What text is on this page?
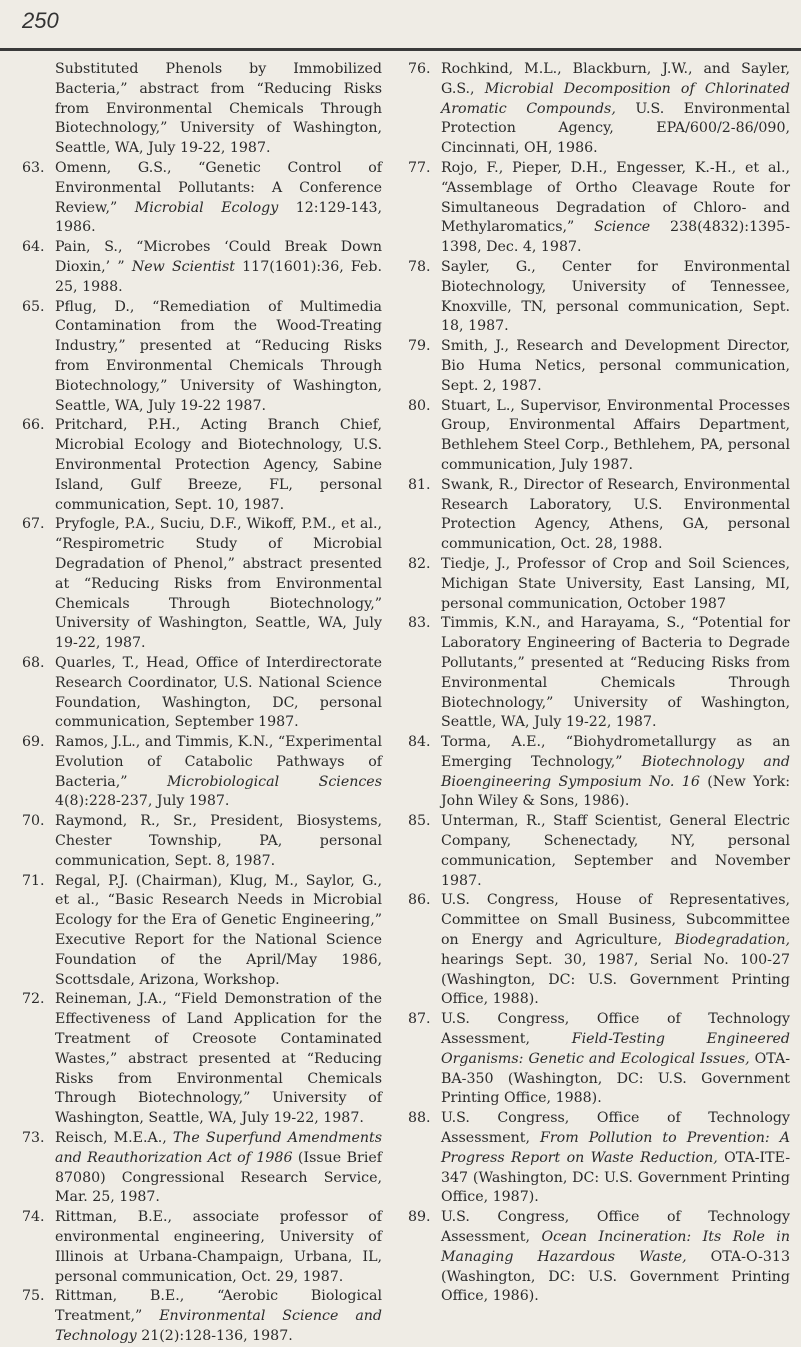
250
Substituted Phenols by Immobilized Bacteria,” abstract from “Reducing Risks from Environmental Chemicals Through Biotechnology,” University of Washington, Seattle, WA, July 19-22, 1987.
63. Omenn, G.S., “Genetic Control of Environmental Pollutants: A Conference Review,” Microbial Ecology 12:129-143, 1986.
64. Pain, S., “Microbes ‘Could Break Down Dioxin,’ ” New Scientist 117(1601):36, Feb. 25, 1988.
65. Pflug, D., “Remediation of Multimedia Contamination from the Wood-Treating Industry,” presented at “Reducing Risks from Environmental Chemicals Through Biotechnology,” University of Washington, Seattle, WA, July 19-22 1987.
66. Pritchard, P.H., Acting Branch Chief, Microbial Ecology and Biotechnology, U.S. Environmental Protection Agency, Sabine Island, Gulf Breeze, FL, personal communication, Sept. 10, 1987.
67. Pryfogle, P.A., Suciu, D.F., Wikoff, P.M., et al., “Respirometric Study of Microbial Degradation of Phenol,” abstract presented at “Reducing Risks from Environmental Chemicals Through Biotechnology,” University of Washington, Seattle, WA, July 19-22, 1987.
68. Quarles, T., Head, Office of Interdirectorate Research Coordinator, U.S. National Science Foundation, Washington, DC, personal communication, September 1987.
69. Ramos, J.L., and Timmis, K.N., “Experimental Evolution of Catabolic Pathways of Bacteria,” Microbiological Sciences 4(8):228-237, July 1987.
70. Raymond, R., Sr., President, Biosystems, Chester Township, PA, personal communication, Sept. 8, 1987.
71. Regal, P.J. (Chairman), Klug, M., Saylor, G., et al., “Basic Research Needs in Microbial Ecology for the Era of Genetic Engineering,” Executive Report for the National Science Foundation of the April/May 1986, Scottsdale, Arizona, Workshop.
72. Reineman, J.A., “Field Demonstration of the Effectiveness of Land Application for the Treatment of Creosote Contaminated Wastes,” abstract presented at “Reducing Risks from Environmental Chemicals Through Biotechnology,” University of Washington, Seattle, WA, July 19-22, 1987.
73. Reisch, M.E.A., The Superfund Amendments and Reauthorization Act of 1986 (Issue Brief 87080) Congressional Research Service, Mar. 25, 1987.
74. Rittman, B.E., associate professor of environmental engineering, University of Illinois at Urbana-Champaign, Urbana, IL, personal communication, Oct. 29, 1987.
75. Rittman, B.E., “Aerobic Biological Treatment,” Environmental Science and Technology 21(2):128-136, 1987.
76. Rochkind, M.L., Blackburn, J.W., and Sayler, G.S., Microbial Decomposition of Chlorinated Aromatic Compounds, U.S. Environmental Protection Agency, EPA/600/2-86/090, Cincinnati, OH, 1986.
77. Rojo, F., Pieper, D.H., Engesser, K.-H., et al., “Assemblage of Ortho Cleavage Route for Simultaneous Degradation of Chloro- and Methylaromatics,” Science 238(4832):1395-1398, Dec. 4, 1987.
78. Sayler, G., Center for Environmental Biotechnology, University of Tennessee, Knoxville, TN, personal communication, Sept. 18, 1987.
79. Smith, J., Research and Development Director, Bio Huma Netics, personal communication, Sept. 2, 1987.
80. Stuart, L., Supervisor, Environmental Processes Group, Environmental Affairs Department, Bethlehem Steel Corp., Bethlehem, PA, personal communication, July 1987.
81. Swank, R., Director of Research, Environmental Research Laboratory, U.S. Environmental Protection Agency, Athens, GA, personal communication, Oct. 28, 1988.
82. Tiedje, J., Professor of Crop and Soil Sciences, Michigan State University, East Lansing, MI, personal communication, October 1987
83. Timmis, K.N., and Harayama, S., “Potential for Laboratory Engineering of Bacteria to Degrade Pollutants,” presented at “Reducing Risks from Environmental Chemicals Through Biotechnology,” University of Washington, Seattle, WA, July 19-22, 1987.
84. Torma, A.E., “Biohydrometallurgy as an Emerging Technology,” Biotechnology and Bioengineering Symposium No. 16 (New York: John Wiley & Sons, 1986).
85. Unterman, R., Staff Scientist, General Electric Company, Schenectady, NY, personal communication, September and November 1987.
86. U.S. Congress, House of Representatives, Committee on Small Business, Subcommittee on Energy and Agriculture, Biodegradation, hearings Sept. 30, 1987, Serial No. 100-27 (Washington, DC: U.S. Government Printing Office, 1988).
87. U.S. Congress, Office of Technology Assessment, Field-Testing Engineered Organisms: Genetic and Ecological Issues, OTA-BA-350 (Washington, DC: U.S. Government Printing Office, 1988).
88. U.S. Congress, Office of Technology Assessment, From Pollution to Prevention: A Progress Report on Waste Reduction, OTA-ITE-347 (Washington, DC: U.S. Government Printing Office, 1987).
89. U.S. Congress, Office of Technology Assessment, Ocean Incineration: Its Role in Managing Hazardous Waste, OTA-O-313 (Washington, DC: U.S. Government Printing Office, 1986).
